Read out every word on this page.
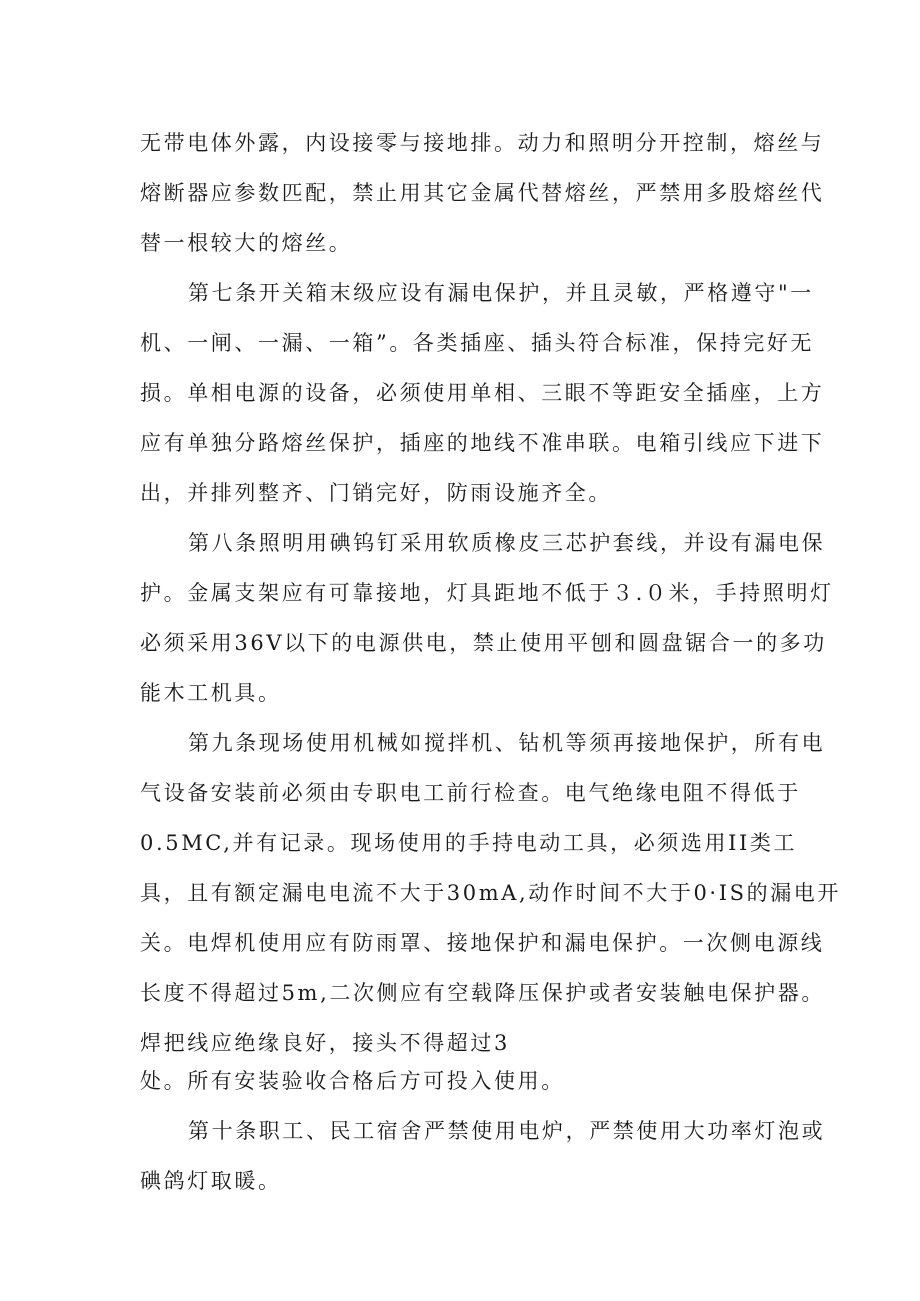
无带电体外露，内设接零与接地排。动力和照明分开控制，熔丝与
熔断器应参数匹配，禁止用其它金属代替熔丝，严禁用多股熔丝代
替一根较大的熔丝。
第七条开关箱末级应设有漏电保护，并且灵敏，严格遵守"一
机、一闸、一漏、一箱”。各类插座、插头符合标准，保持完好无
损。单相电源的设备，必须使用单相、三眼不等距安全插座，上方
应有单独分路熔丝保护，插座的地线不准串联。电箱引线应下进下
出，并排列整齐、门销完好，防雨设施齐全。
第八条照明用碘钨钉采用软质橡皮三芯护套线，并设有漏电保
护。金属支架应有可靠接地，灯具距地不低于３.０米，手持照明灯
必须采用36V以下的电源供电，禁止使用平刨和圆盘锯合一的多功
能木工机具。
第九条现场使用机械如搅拌机、钻机等须再接地保护，所有电
气设备安装前必须由专职电工前行检查。电气绝缘电阻不得低于
0.5MC,并有记录。现场使用的手持电动工具，必须选用II类工
具，且有额定漏电电流不大于30mA,动作时间不大于0·IS的漏电开
关。电焊机使用应有防雨罩、接地保护和漏电保护。一次侧电源线
长度不得超过5m,二次侧应有空载降压保护或者安装触电保护器。
焊把线应绝缘良好，接头不得超过3
处。所有安装验收合格后方可投入使用。
第十条职工、民工宿舍严禁使用电炉，严禁使用大功率灯泡或
碘鸽灯取暖。
